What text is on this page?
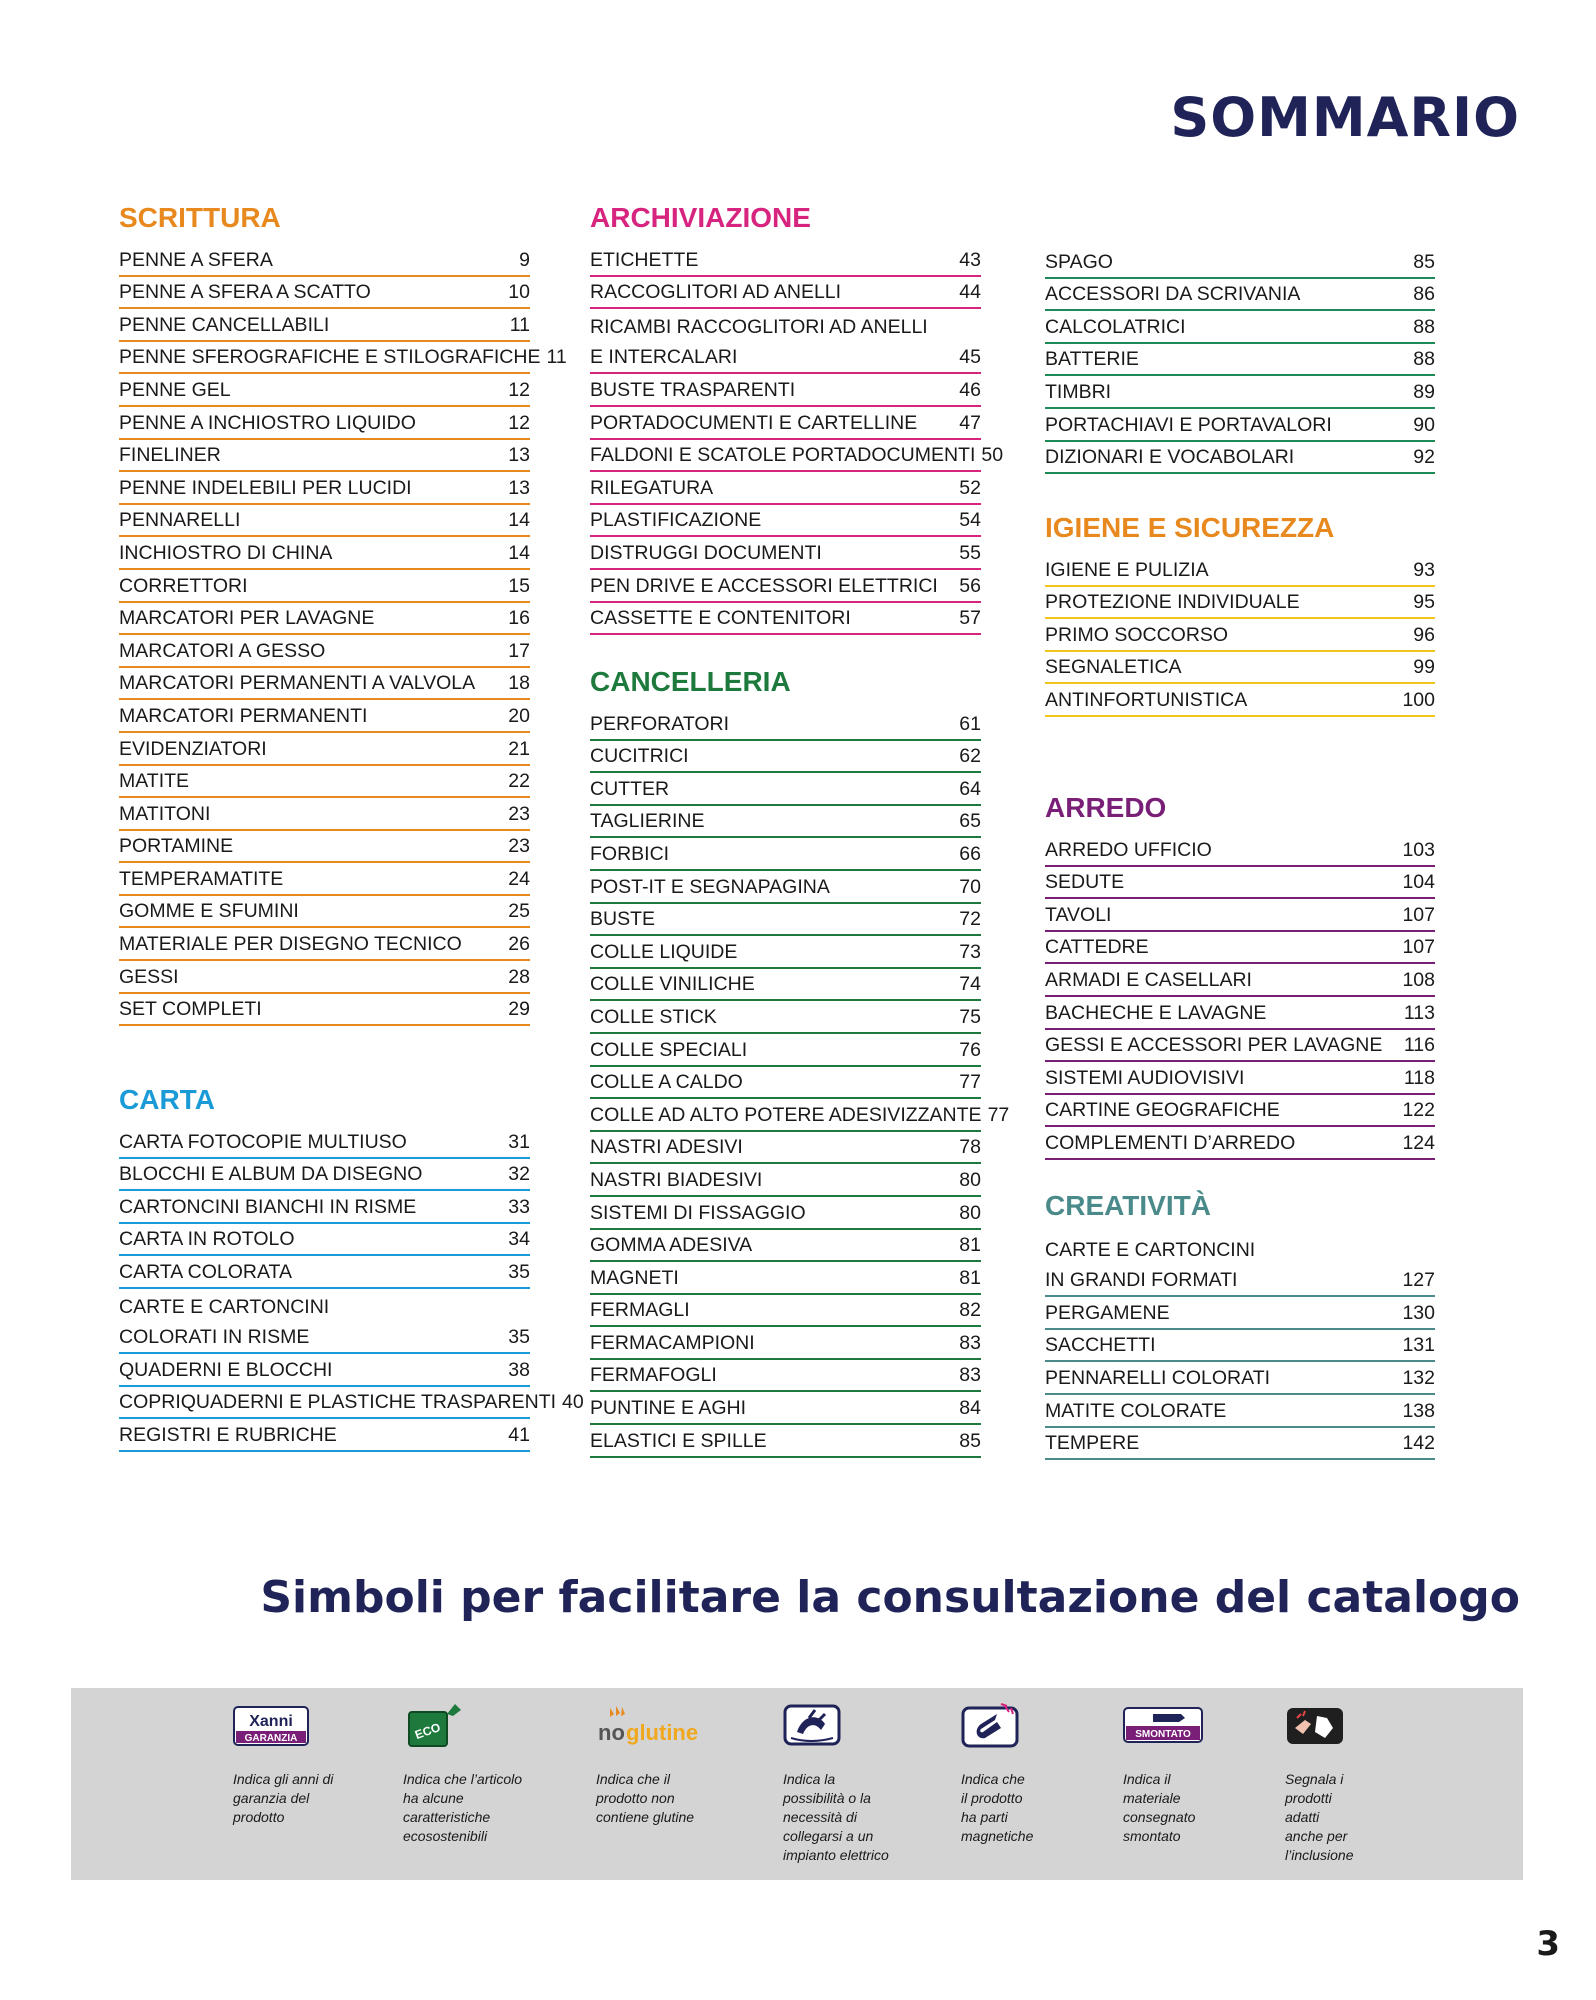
SOMMARIO
SCRITTURA
PENNE A SFERA	9
PENNE A SFERA A SCATTO	10
PENNE CANCELLABILI	11
PENNE SFEROGRAFICHE E STILOGRAFICHE 11
PENNE GEL	12
PENNE A INCHIOSTRO LIQUIDO	12
FINELINER	13
PENNE INDELEBILI PER LUCIDI	13
PENNARELLI	14
INCHIOSTRO DI CHINA	14
CORRETTORI	15
MARCATORI PER LAVAGNE	16
MARCATORI A GESSO	17
MARCATORI PERMANENTI A VALVOLA	18
MARCATORI PERMANENTI	20
EVIDENZIATORI	21
MATITE	22
MATITONI	23
PORTAMINE	23
TEMPERAMATITE	24
GOMME E SFUMINI	25
MATERIALE PER DISEGNO TECNICO	26
GESSI	28
SET COMPLETI	29
CARTA
CARTA FOTOCOPIE MULTIUSO	31
BLOCCHI E ALBUM DA DISEGNO	32
CARTONCINI BIANCHI IN RISME	33
CARTA IN ROTOLO	34
CARTA COLORATA	35
CARTE E CARTONCINI
COLORATI IN RISME	35
QUADERNI E BLOCCHI	38
COPRIQUADERNI E PLASTICHE TRASPARENTI 40
REGISTRI E RUBRICHE	41
ARCHIVIAZIONE
ETICHETTE	43
RACCOGLITORI AD ANELLI	44
RICAMBI RACCOGLITORI AD ANELLI
E INTERCALARI	45
BUSTE TRASPARENTI	46
PORTADOCUMENTI E CARTELLINE	47
FALDONI E SCATOLE PORTADOCUMENTI 50
RILEGATURA	52
PLASTIFICAZIONE	54
DISTRUGGI DOCUMENTI	55
PEN DRIVE E ACCESSORI ELETTRICI	56
CASSETTE E CONTENITORI	57
CANCELLERIA
PERFORATORI	61
CUCITRICI	62
CUTTER	64
TAGLIERINE	65
FORBICI	66
POST-IT E SEGNAPAGINA	70
BUSTE	72
COLLE LIQUIDE	73
COLLE VINILICHE	74
COLLE STICK	75
COLLE SPECIALI	76
COLLE A CALDO	77
COLLE AD ALTO POTERE ADESIVIZZANTE 77
NASTRI ADESIVI	78
NASTRI BIADESIVI	80
SISTEMI DI FISSAGGIO	80
GOMMA ADESIVA	81
MAGNETI	81
FERMAGLI	82
FERMACAMPIONI	83
FERMAFOGLI	83
PUNTINE E AGHI	84
ELASTICI E SPILLE	85
SPAGO	85
ACCESSORI DA SCRIVANIA	86
CALCOLATRICI	88
BATTERIE	88
TIMBRI	89
PORTACHIAVI E PORTAVALORI	90
DIZIONARI E VOCABOLARI	92
IGIENE E SICUREZZA
IGIENE E PULIZIA	93
PROTEZIONE INDIVIDUALE	95
PRIMO SOCCORSO	96
SEGNALETICA	99
ANTINFORTUNISTICA	100
ARREDO
ARREDO UFFICIO	103
SEDUTE	104
TAVOLI	107
CATTEDRE	107
ARMADI E CASELLARI	108
BACHECHE E LAVAGNE	113
GESSI E ACCESSORI PER LAVAGNE	116
SISTEMI AUDIOVISIVI	118
CARTINE GEOGRAFICHE	122
COMPLEMENTI D’ARREDO	124
CREATIVITÀ
CARTE E CARTONCINI
IN GRANDI FORMATI	127
PERGAMENE	130
SACCHETTI	131
PENNARELLI COLORATI	132
MATITE COLORATE	138
TEMPERE	142
Simboli per facilitare la consultazione del catalogo
Xanni
GARANZIA
Indica gli anni di
garanzia del
prodotto
ECO
Indica che l’articolo
ha alcune
caratteristiche
ecosostenibili
no glutine
Indica che il
prodotto non
contiene glutine
Indica la
possibilità o la
necessità di
collegarsi a un
impianto elettrico
Indica che
il prodotto
ha parti
magnetiche
SMONTATO
Indica il
materiale
consegnato
smontato
Segnala i
prodotti
adatti
anche per
l’inclusione
3
